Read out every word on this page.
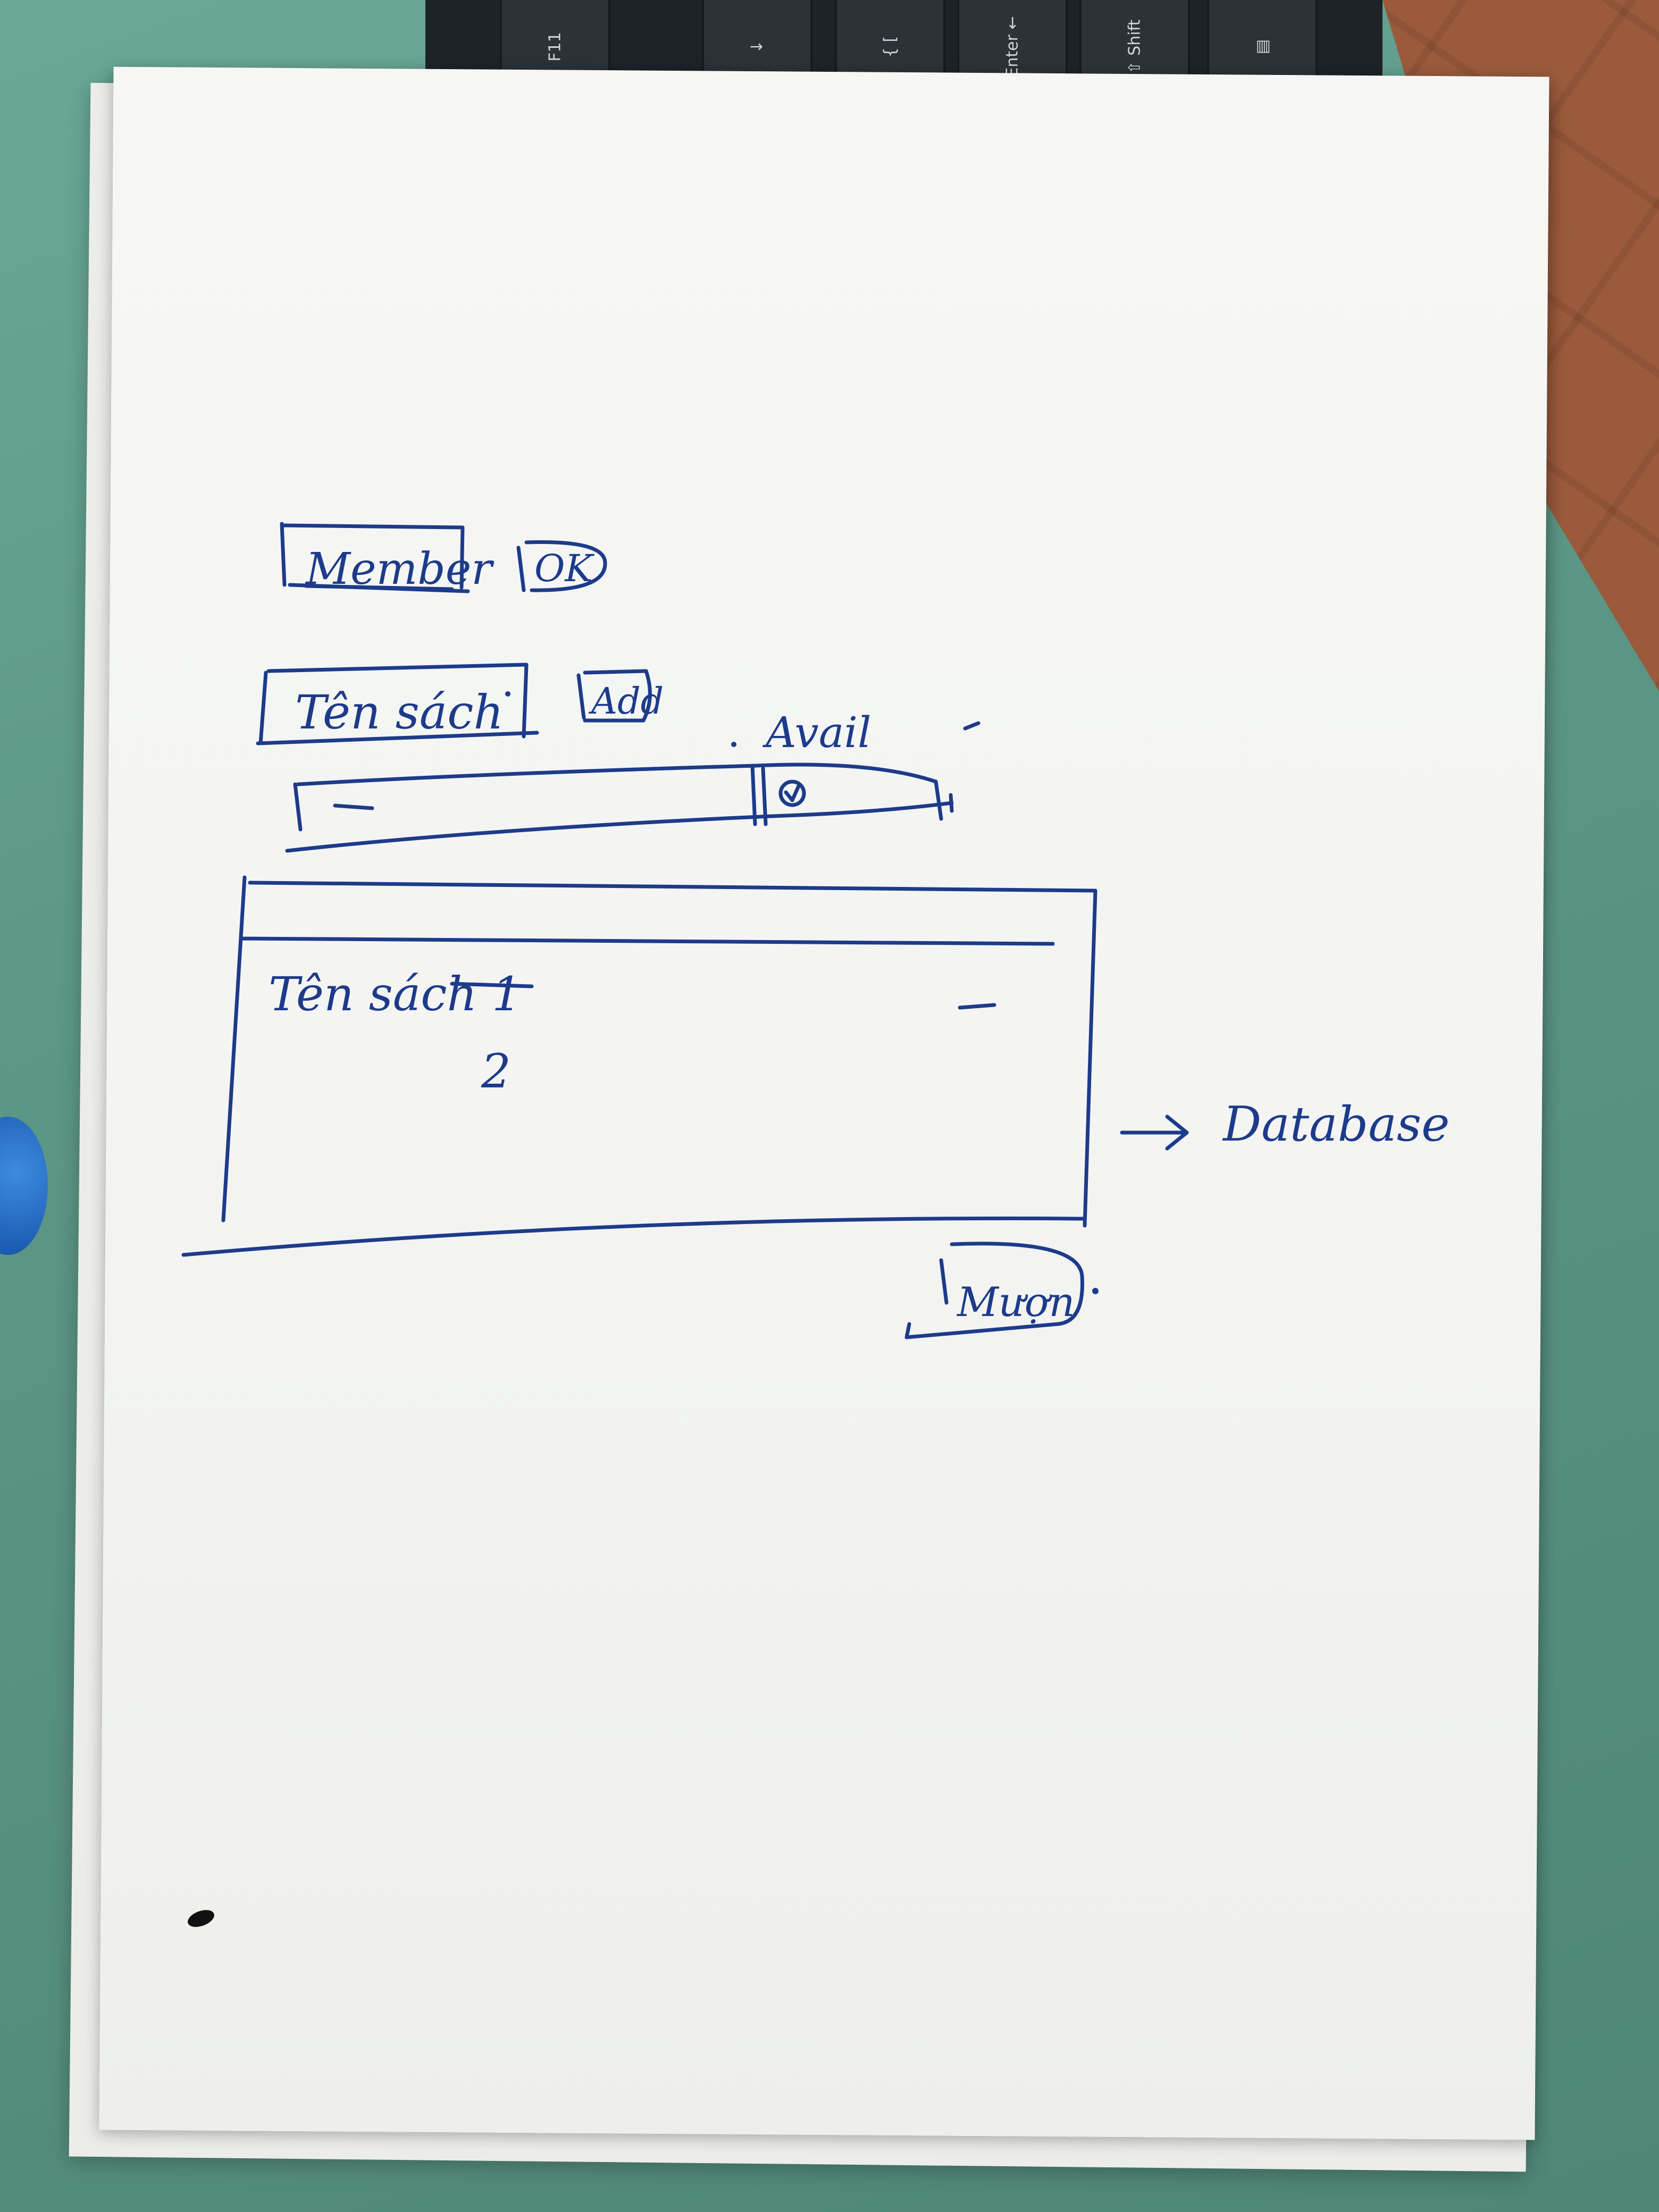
F11	↓	{ [	Enter ←	⇧ Shift	▤
Member OK
Tên sách Add
Avail
Tên sách 1
2
Database
Mượn
